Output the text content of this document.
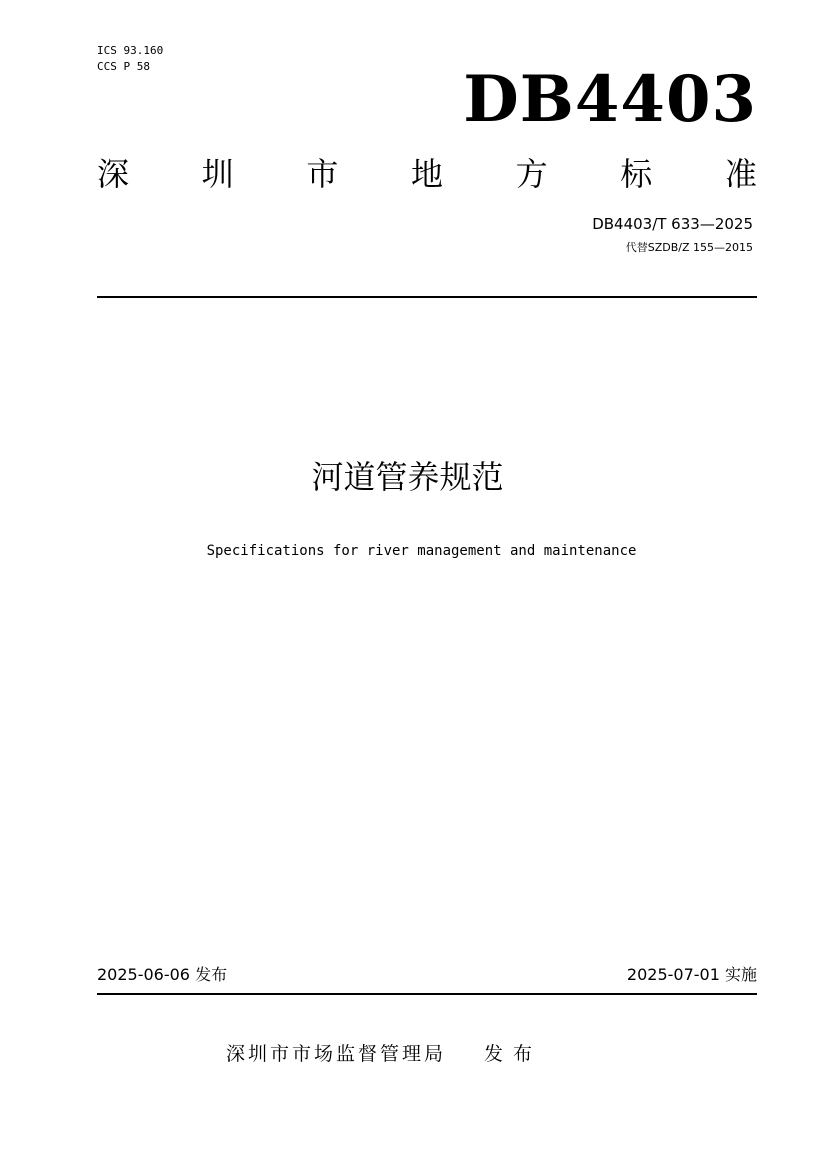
ICS 93.160
CCS P 58	DB4403
深 圳 市 地 方 标 准
DB4403/T 633—2025
代替SZDB/Z 155—2015
河道管养规范
Specifications for river management and maintenance
2025-06-06 发布	2025-07-01 实施
深圳市市场监督管理局 发布
